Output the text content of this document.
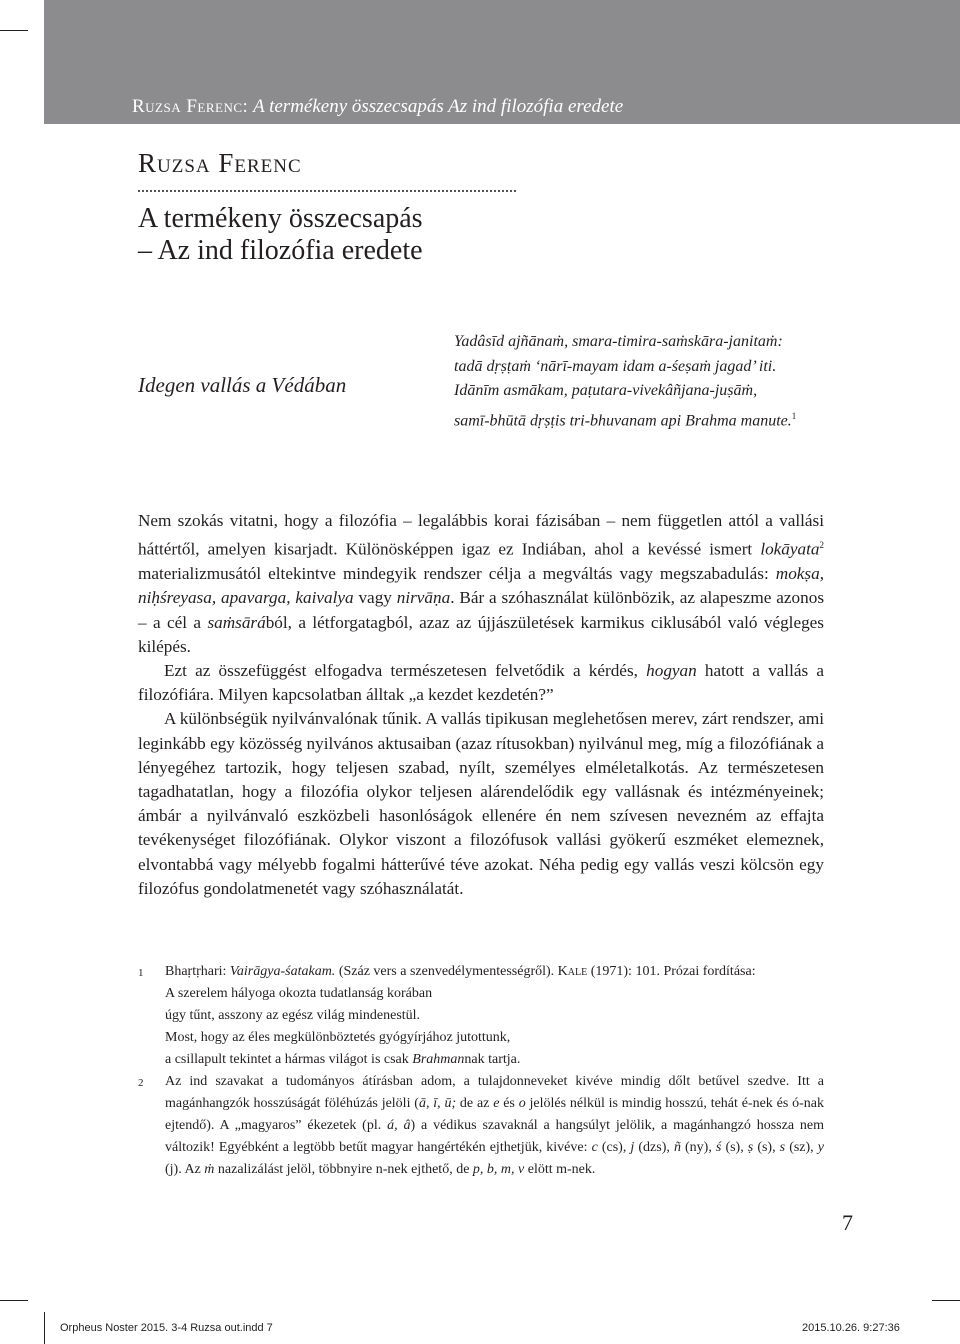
Ruzsa Ferenc: A termékeny összecsapás Az ind filozófia eredete
Ruzsa Ferenc
A termékeny összecsapás
– Az ind filozófia eredete
Yadâsīd ajñānaṁ, smara-timira-saṁskāra-janitaṁ:
tadā dṛṣṭaṁ ‘nārī-mayam idam a-śeṣaṁ jagad’ iti.
Idānīm asmākam, paṭutara-vivekâñjana-juṣāṁ,
samī-bhūtā dṛṣṭis tri-bhuvanam api Brahma manute.$^1$
Idegen vallás a Védában

Nem szokás vitatni, hogy a filozófia – legalábbis korai fázisában – nem független attól a vallási háttértől, amelyen kisarjadt. Különösképpen igaz ez Indiában, ahol a kevéssé ismert lokāyata$^2$ materializmusától eltekintve mindegyik rendszer célja a megváltás vagy megszabadulás: mokṣa, niḥśreyasa, apavarga, kaivalya vagy nirvāṇa. Bár a szóhasználat különbözik, az alapeszme azonos – a cél a saṁsārából, a létforgatagból, azaz az újjászületések karmikus ciklusából való végleges kilépés.

Ezt az összefüggést elfogadva természetesen felvetődik a kérdés, hogyan hatott a vallás a filozófiára. Milyen kapcsolatban álltak „a kezdet kezdetén?”

A különbségük nyilvánvalónak tűnik. A vallás tipikusan meglehetősen merev, zárt rendszer, ami leginkább egy közösség nyilvános aktusaiban (azaz rítusokban) nyilvánul meg, míg a filozófiának a lényegéhez tartozik, hogy teljesen szabad, nyílt, személyes elméletalkotás. Az természetesen tagadhatatlan, hogy a filozófia olykor teljesen alárendelődik egy vallásnak és intézményeinek; ámbár a nyilvánvaló eszközbeli hasonlóságok ellenére én nem szívesen nevezném az effajta tevékenységet filozófiának. Olykor viszont a filozófusok vallási gyökerű eszméket elemeznek, elvontabbá vagy mélyebb fogalmi hátterűvé téve azokat. Néha pedig egy vallás veszi kölcsön egy filozófus gondolatmenetét vagy szóhasználatát.

1	Bhaṛtṛhari: Vairāgya-śatakam. (Száz vers a szenvedélymentességről). Kale (1971): 101. Prózai fordítása:
A szerelem hályoga okozta tudatlanság korában
úgy tűnt, asszony az egész világ mindenestül.
Most, hogy az éles megkülönböztetés gyógyírjához jutottunk,
a csillapult tekintet a hármas világot is csak Brahmannak tartja.
2	Az ind szavakat a tudományos átírásban adom, a tulajdonneveket kivéve mindig dőlt betűvel szedve. Itt a magánhangzók hosszúságát föléhúzás jelöli (ā, ī, ū; de az e és o jelölés nélkül is mindig hosszú, tehát é-nek és ó-nak ejtendő). A „magyaros” ékezetek (pl. á, â) a védikus szavaknál a hangsúlyt jelölik, a magánhangzó hossza nem változik! Egyébként a legtöbb betűt magyar hangértékén ejthetjük, kivéve: c (cs), j (dzs), ñ (ny), ś (s), ṣ (s), s (sz), y (j). Az ṁ nazalizálást jelöl, többnyire n-nek ejthető, de p, b, m, v elött m-nek.
7
Orpheus Noster 2015. 3-4 Ruzsa out.indd 7	2015.10.26. 9:27:36
